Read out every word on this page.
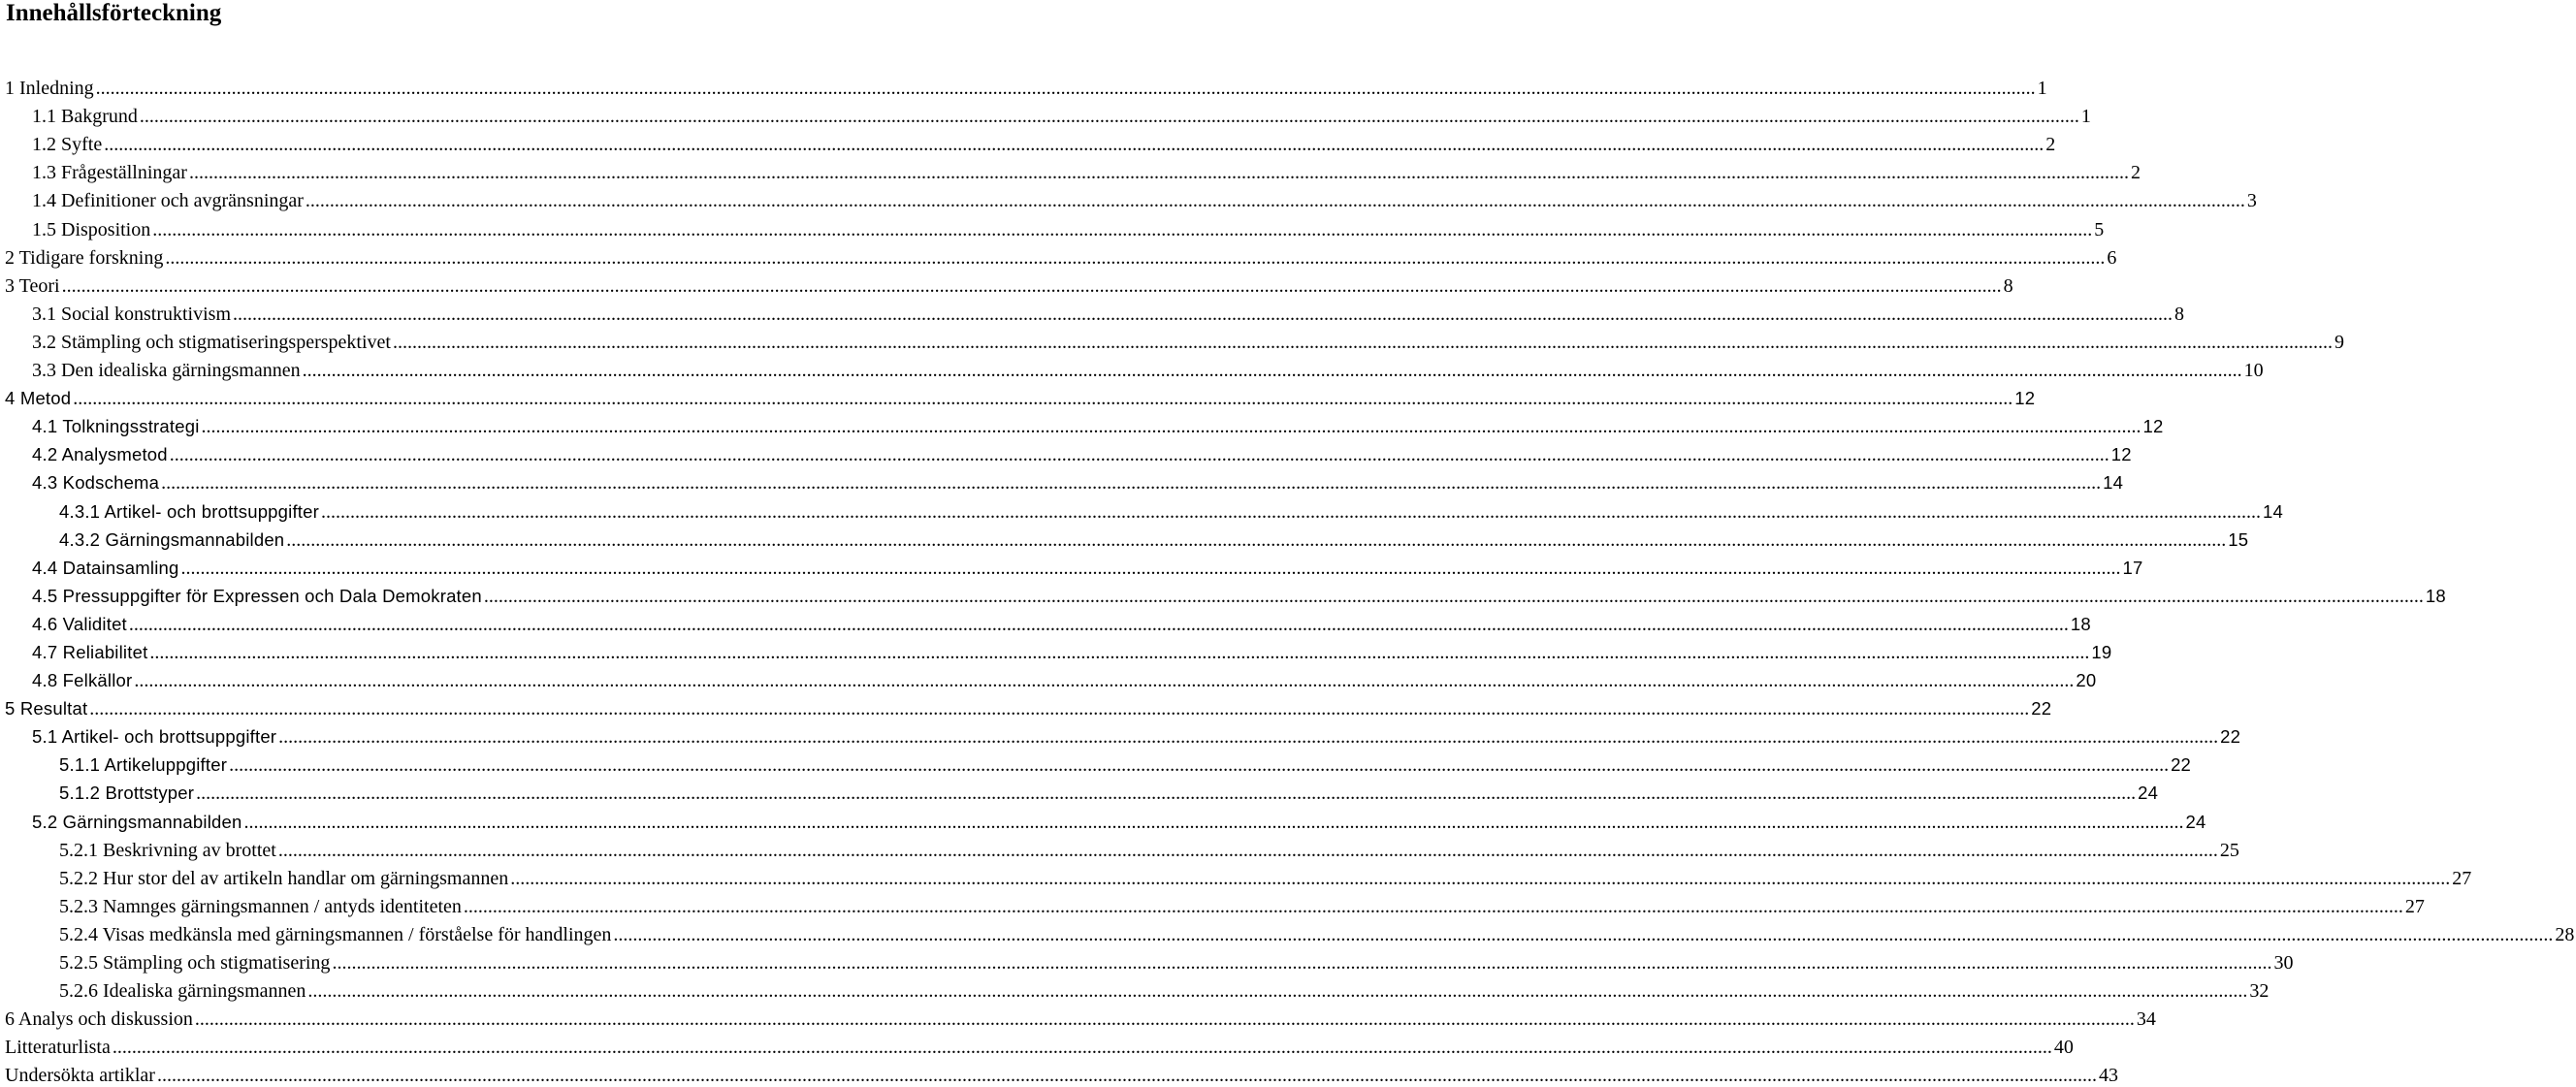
Innehållsförteckning
1 Inledning ................................................................................................................................................................................................................................................................................................................................................................................................................ 1
1.1 Bakgrund ................................................................................................................................................................................................................................................................................................................................................................................................................ 1
1.2 Syfte ................................................................................................................................................................................................................................................................................................................................................................................................................ 2
1.3 Frågeställningar ................................................................................................................................................................................................................................................................................................................................................................................................................ 2
1.4 Definitioner och avgränsningar ................................................................................................................................................................................................................................................................................................................................................................................................................ 3
1.5 Disposition ................................................................................................................................................................................................................................................................................................................................................................................................................ 5
2 Tidigare forskning ................................................................................................................................................................................................................................................................................................................................................................................................................ 6
3 Teori ................................................................................................................................................................................................................................................................................................................................................................................................................ 8
3.1 Social konstruktivism ................................................................................................................................................................................................................................................................................................................................................................................................................ 8
3.2 Stämpling och stigmatiseringsperspektivet ................................................................................................................................................................................................................................................................................................................................................................................................................ 9
3.3 Den idealiska gärningsmannen ................................................................................................................................................................................................................................................................................................................................................................................................................ 10
4 Metod ................................................................................................................................................................................................................................................................................................................................................................................................................ 12
4.1 Tolkningsstrategi ................................................................................................................................................................................................................................................................................................................................................................................................................ 12
4.2 Analysmetod ................................................................................................................................................................................................................................................................................................................................................................................................................ 12
4.3 Kodschema ................................................................................................................................................................................................................................................................................................................................................................................................................ 14
4.3.1 Artikel- och brottsuppgifter ................................................................................................................................................................................................................................................................................................................................................................................................................ 14
4.3.2 Gärningsmannabilden ................................................................................................................................................................................................................................................................................................................................................................................................................ 15
4.4 Datainsamling ................................................................................................................................................................................................................................................................................................................................................................................................................ 17
4.5 Pressuppgifter för Expressen och Dala Demokraten ................................................................................................................................................................................................................................................................................................................................................................................................................ 18
4.6 Validitet ................................................................................................................................................................................................................................................................................................................................................................................................................ 18
4.7 Reliabilitet ................................................................................................................................................................................................................................................................................................................................................................................................................ 19
4.8 Felkällor ................................................................................................................................................................................................................................................................................................................................................................................................................ 20
5 Resultat ................................................................................................................................................................................................................................................................................................................................................................................................................ 22
5.1 Artikel- och brottsuppgifter ................................................................................................................................................................................................................................................................................................................................................................................................................ 22
5.1.1 Artikeluppgifter ................................................................................................................................................................................................................................................................................................................................................................................................................ 22
5.1.2 Brottstyper ................................................................................................................................................................................................................................................................................................................................................................................................................ 24
5.2 Gärningsmannabilden ................................................................................................................................................................................................................................................................................................................................................................................................................ 24
5.2.1 Beskrivning av brottet ................................................................................................................................................................................................................................................................................................................................................................................................................ 25
5.2.2 Hur stor del av artikeln handlar om gärningsmannen ................................................................................................................................................................................................................................................................................................................................................................................................................ 27
5.2.3 Namnges gärningsmannen / antyds identiteten ................................................................................................................................................................................................................................................................................................................................................................................................................ 27
5.2.4 Visas medkänsla med gärningsmannen / förståelse för handlingen ................................................................................................................................................................................................................................................................................................................................................................................................................ 28
5.2.5 Stämpling och stigmatisering ................................................................................................................................................................................................................................................................................................................................................................................................................ 30
5.2.6 Idealiska gärningsmannen ................................................................................................................................................................................................................................................................................................................................................................................................................ 32
6 Analys och diskussion ................................................................................................................................................................................................................................................................................................................................................................................................................ 34
Litteraturlista ................................................................................................................................................................................................................................................................................................................................................................................................................ 40
Undersökta artiklar ................................................................................................................................................................................................................................................................................................................................................................................................................ 43
